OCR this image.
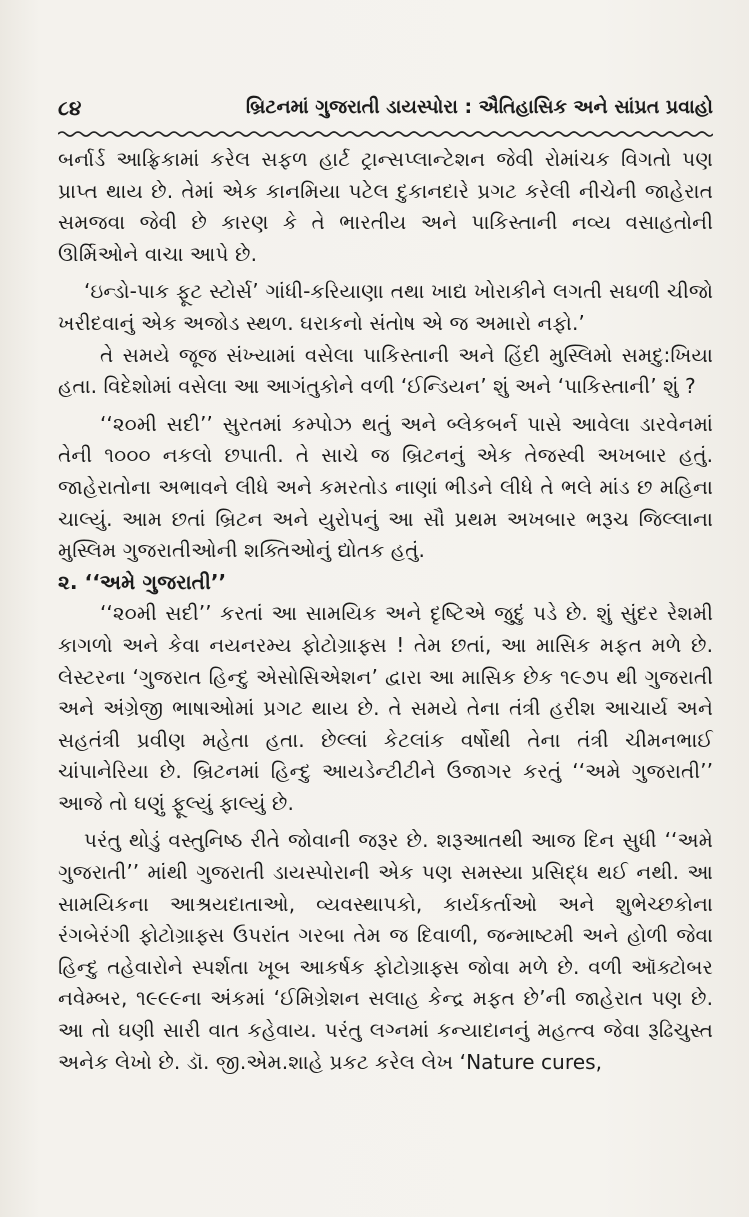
૮૪	બ્રિટનમાં ગુજરાતી ડાયસ્પોરા : ઐતિહાસિક અને સાંપ્રત પ્રવાહો

બર્નાર્ડ આફ્રિકામાં કરેલ સફળ હાર્ટ ટ્રાન્સપ્લાન્ટેશન જેવી રોમાંચક વિગતો પણ પ્રાપ્ત થાય છે. તેમાં એક કાનમિયા પટેલ દુકાનદારે પ્રગટ કરેલી નીચેની જાહેરાત સમજવા જેવી છે કારણ કે તે ભારતીય અને પાકિસ્તાની નવ્ય વસાહતોની ઊર્મિઓને વાચા આપે છે.

‘ઇન્ડો-પાક ફૂટ સ્ટોર્સ’ ગાંધી-કરિયાણા તથા ખાદ્ય ખોરાકીને લગતી સઘળી ચીજો ખરીદવાનું એક અજોડ સ્થળ. ઘરાકનો સંતોષ એ જ અમારો નફો.’

તે સમયે જૂજ સંખ્યામાં વસેલા પાકિસ્તાની અને હિંદી મુસ્લિમો સમદુ:ખિયા હતા. વિદેશોમાં વસેલા આ આગંતુકોને વળી ‘ઈન્ડિયન’ શું અને ‘પાકિસ્તાની’ શું ?

‘‘૨૦મી સદી’’ સુરતમાં કમ્પોઝ થતું અને બ્લેકબર્ન પાસે આવેલા ડારવેનમાં તેની ૧૦૦૦ નકલો છપાતી. તે સાચે જ બ્રિટનનું એક તેજસ્વી અખબાર હતું. જાહેરાતોના અભાવને લીધે અને કમરતોડ નાણાં ભીડને લીધે તે ભલે માંડ છ મહિના ચાલ્યું. આમ છતાં બ્રિટન અને યુરોપનું આ સૌ પ્રથમ અખબાર ભરૂચ જિલ્લાના મુસ્લિમ ગુજરાતીઓની શક્તિઓનું દ્યોતક હતું.

૨. ‘‘અમે ગુજરાતી’’

‘‘૨૦મી સદી’’ કરતાં આ સામયિક અને દૃષ્ટિએ જુદું પડે છે. શું સુંદર રેશમી કાગળો અને કેવા નયનરમ્ય ફોટોગ્રાફ્સ ! તેમ છતાં, આ માસિક મફત મળે છે. લેસ્ટરના ‘ગુજરાત હિન્દુ એસોસિએશન’ દ્વારા આ માસિક છેક ૧૯૭૫ થી ગુજરાતી અને અંગ્રેજી ભાષાઓમાં પ્રગટ થાય છે. તે સમયે તેના તંત્રી હરીશ આચાર્ય અને સહતંત્રી પ્રવીણ મહેતા હતા. છેલ્લાં કેટલાંક વર્ષોથી તેના તંત્રી ચીમનભાઈ ચાંપાનેરિયા છે. બ્રિટનમાં હિન્દુ આયડેન્ટીટીને ઉજાગર કરતું ‘‘અમે ગુજરાતી’’ આજે તો ઘણું ફૂલ્યું ફાલ્યું છે.

પરંતુ થોડું વસ્તુનિષ્ઠ રીતે જોવાની જરૂર છે. શરૂઆતથી આજ દિન સુધી ‘‘અમે ગુજરાતી’’ માંથી ગુજરાતી ડાયસ્પોરાની એક પણ સમસ્યા પ્રસિદ્ધ થઈ નથી. આ સામયિકના આશ્રયદાતાઓ, વ્યવસ્થાપકો, કાર્યકર્તાઓ અને શુભેચ્છકોના રંગબેરંગી ફોટોગ્રાફ્સ ઉપરાંત ગરબા તેમ જ દિવાળી, જન્માષ્ટમી અને હોળી જેવા હિન્દુ તહેવારોને સ્પર્શતા ખૂબ આકર્ષક ફોટોગ્રાફ્સ જોવા મળે છે. વળી ઑક્ટોબર નવેમ્બર, ૧૯૯૯ના અંકમાં ‘ઈમિગ્રેશન સલાહ કેન્દ્ર મફત છે’ની જાહેરાત પણ છે. આ તો ઘણી સારી વાત કહેવાય. પરંતુ લગ્નમાં કન્યાદાનનું મહત્ત્વ જેવા રૂઢિચુસ્ત અનેક લેખો છે. ડૉ. જી.એમ.શાહે પ્રકટ કરેલ લેખ ‘Nature cures,
